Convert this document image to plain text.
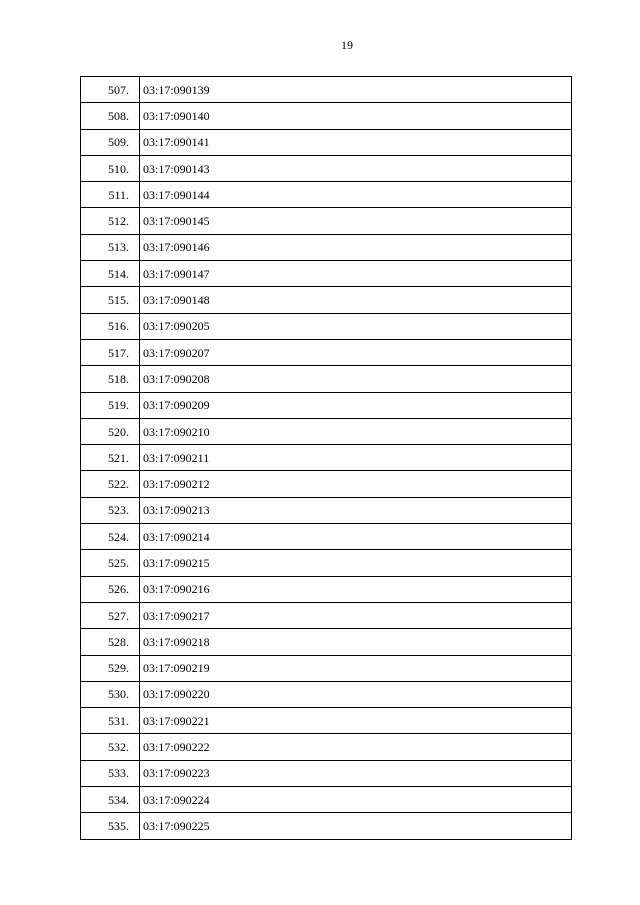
19
507.	03:17:090139
508.	03:17:090140
509.	03:17:090141
510.	03:17:090143
511.	03:17:090144
512.	03:17:090145
513.	03:17:090146
514.	03:17:090147
515.	03:17:090148
516.	03:17:090205
517.	03:17:090207
518.	03:17:090208
519.	03:17:090209
520.	03:17:090210
521.	03:17:090211
522.	03:17:090212
523.	03:17:090213
524.	03:17:090214
525.	03:17:090215
526.	03:17:090216
527.	03:17:090217
528.	03:17:090218
529.	03:17:090219
530.	03:17:090220
531.	03:17:090221
532.	03:17:090222
533.	03:17:090223
534.	03:17:090224
535.	03:17:090225
